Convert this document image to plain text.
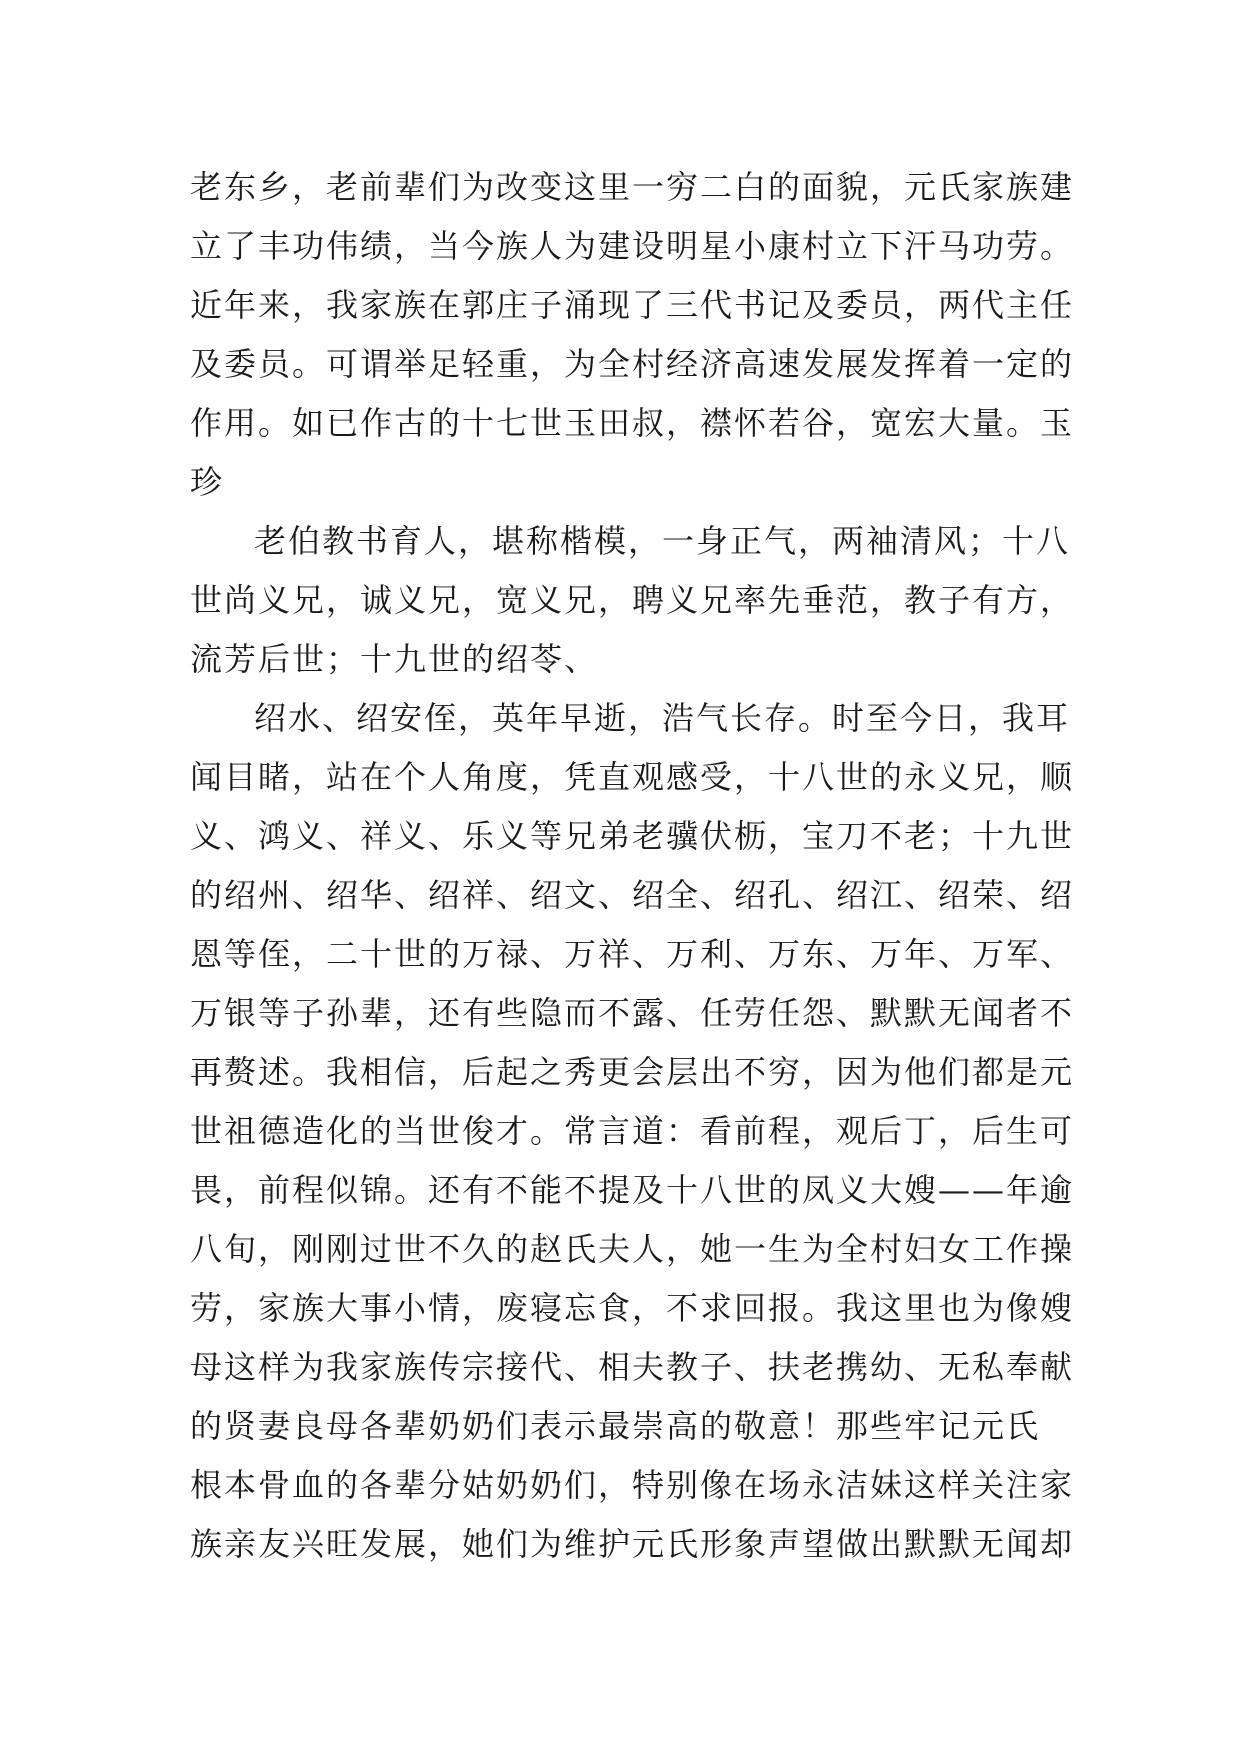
老东乡，老前辈们为改变这里一穷二白的面貌，元氏家族建
立了丰功伟绩，当今族人为建设明星小康村立下汗马功劳。
近年来，我家族在郭庄子涌现了三代书记及委员，两代主任
及委员。可谓举足轻重，为全村经济高速发展发挥着一定的
作用。如已作古的十七世玉田叔，襟怀若谷，宽宏大量。玉
珍
老伯教书育人，堪称楷模，一身正气，两袖清风；十八
世尚义兄，诚义兄，宽义兄，聘义兄率先垂范，教子有方，
流芳后世；十九世的绍苓、
绍水、绍安侄，英年早逝，浩气长存。时至今日，我耳
闻目睹，站在个人角度，凭直观感受，十八世的永义兄，顺
义、鸿义、祥义、乐义等兄弟老骥伏枥，宝刀不老；十九世
的绍州、绍华、绍祥、绍文、绍全、绍孔、绍江、绍荣、绍
恩等侄，二十世的万禄、万祥、万利、万东、万年、万军、
万银等子孙辈，还有些隐而不露、任劳任怨、默默无闻者不
再赘述。我相信，后起之秀更会层出不穷，因为他们都是元
世祖德造化的当世俊才。常言道：看前程，观后丁，后生可
畏，前程似锦。还有不能不提及十八世的凤义大嫂——年逾
八旬，刚刚过世不久的赵氏夫人，她一生为全村妇女工作操
劳，家族大事小情，废寝忘食，不求回报。我这里也为像嫂
母这样为我家族传宗接代、相夫教子、扶老携幼、无私奉献
的贤妻良母各辈奶奶们表示最崇高的敬意！那些牢记元氏
根本骨血的各辈分姑奶奶们，特别像在场永洁妹这样关注家
族亲友兴旺发展，她们为维护元氏形象声望做出默默无闻却
